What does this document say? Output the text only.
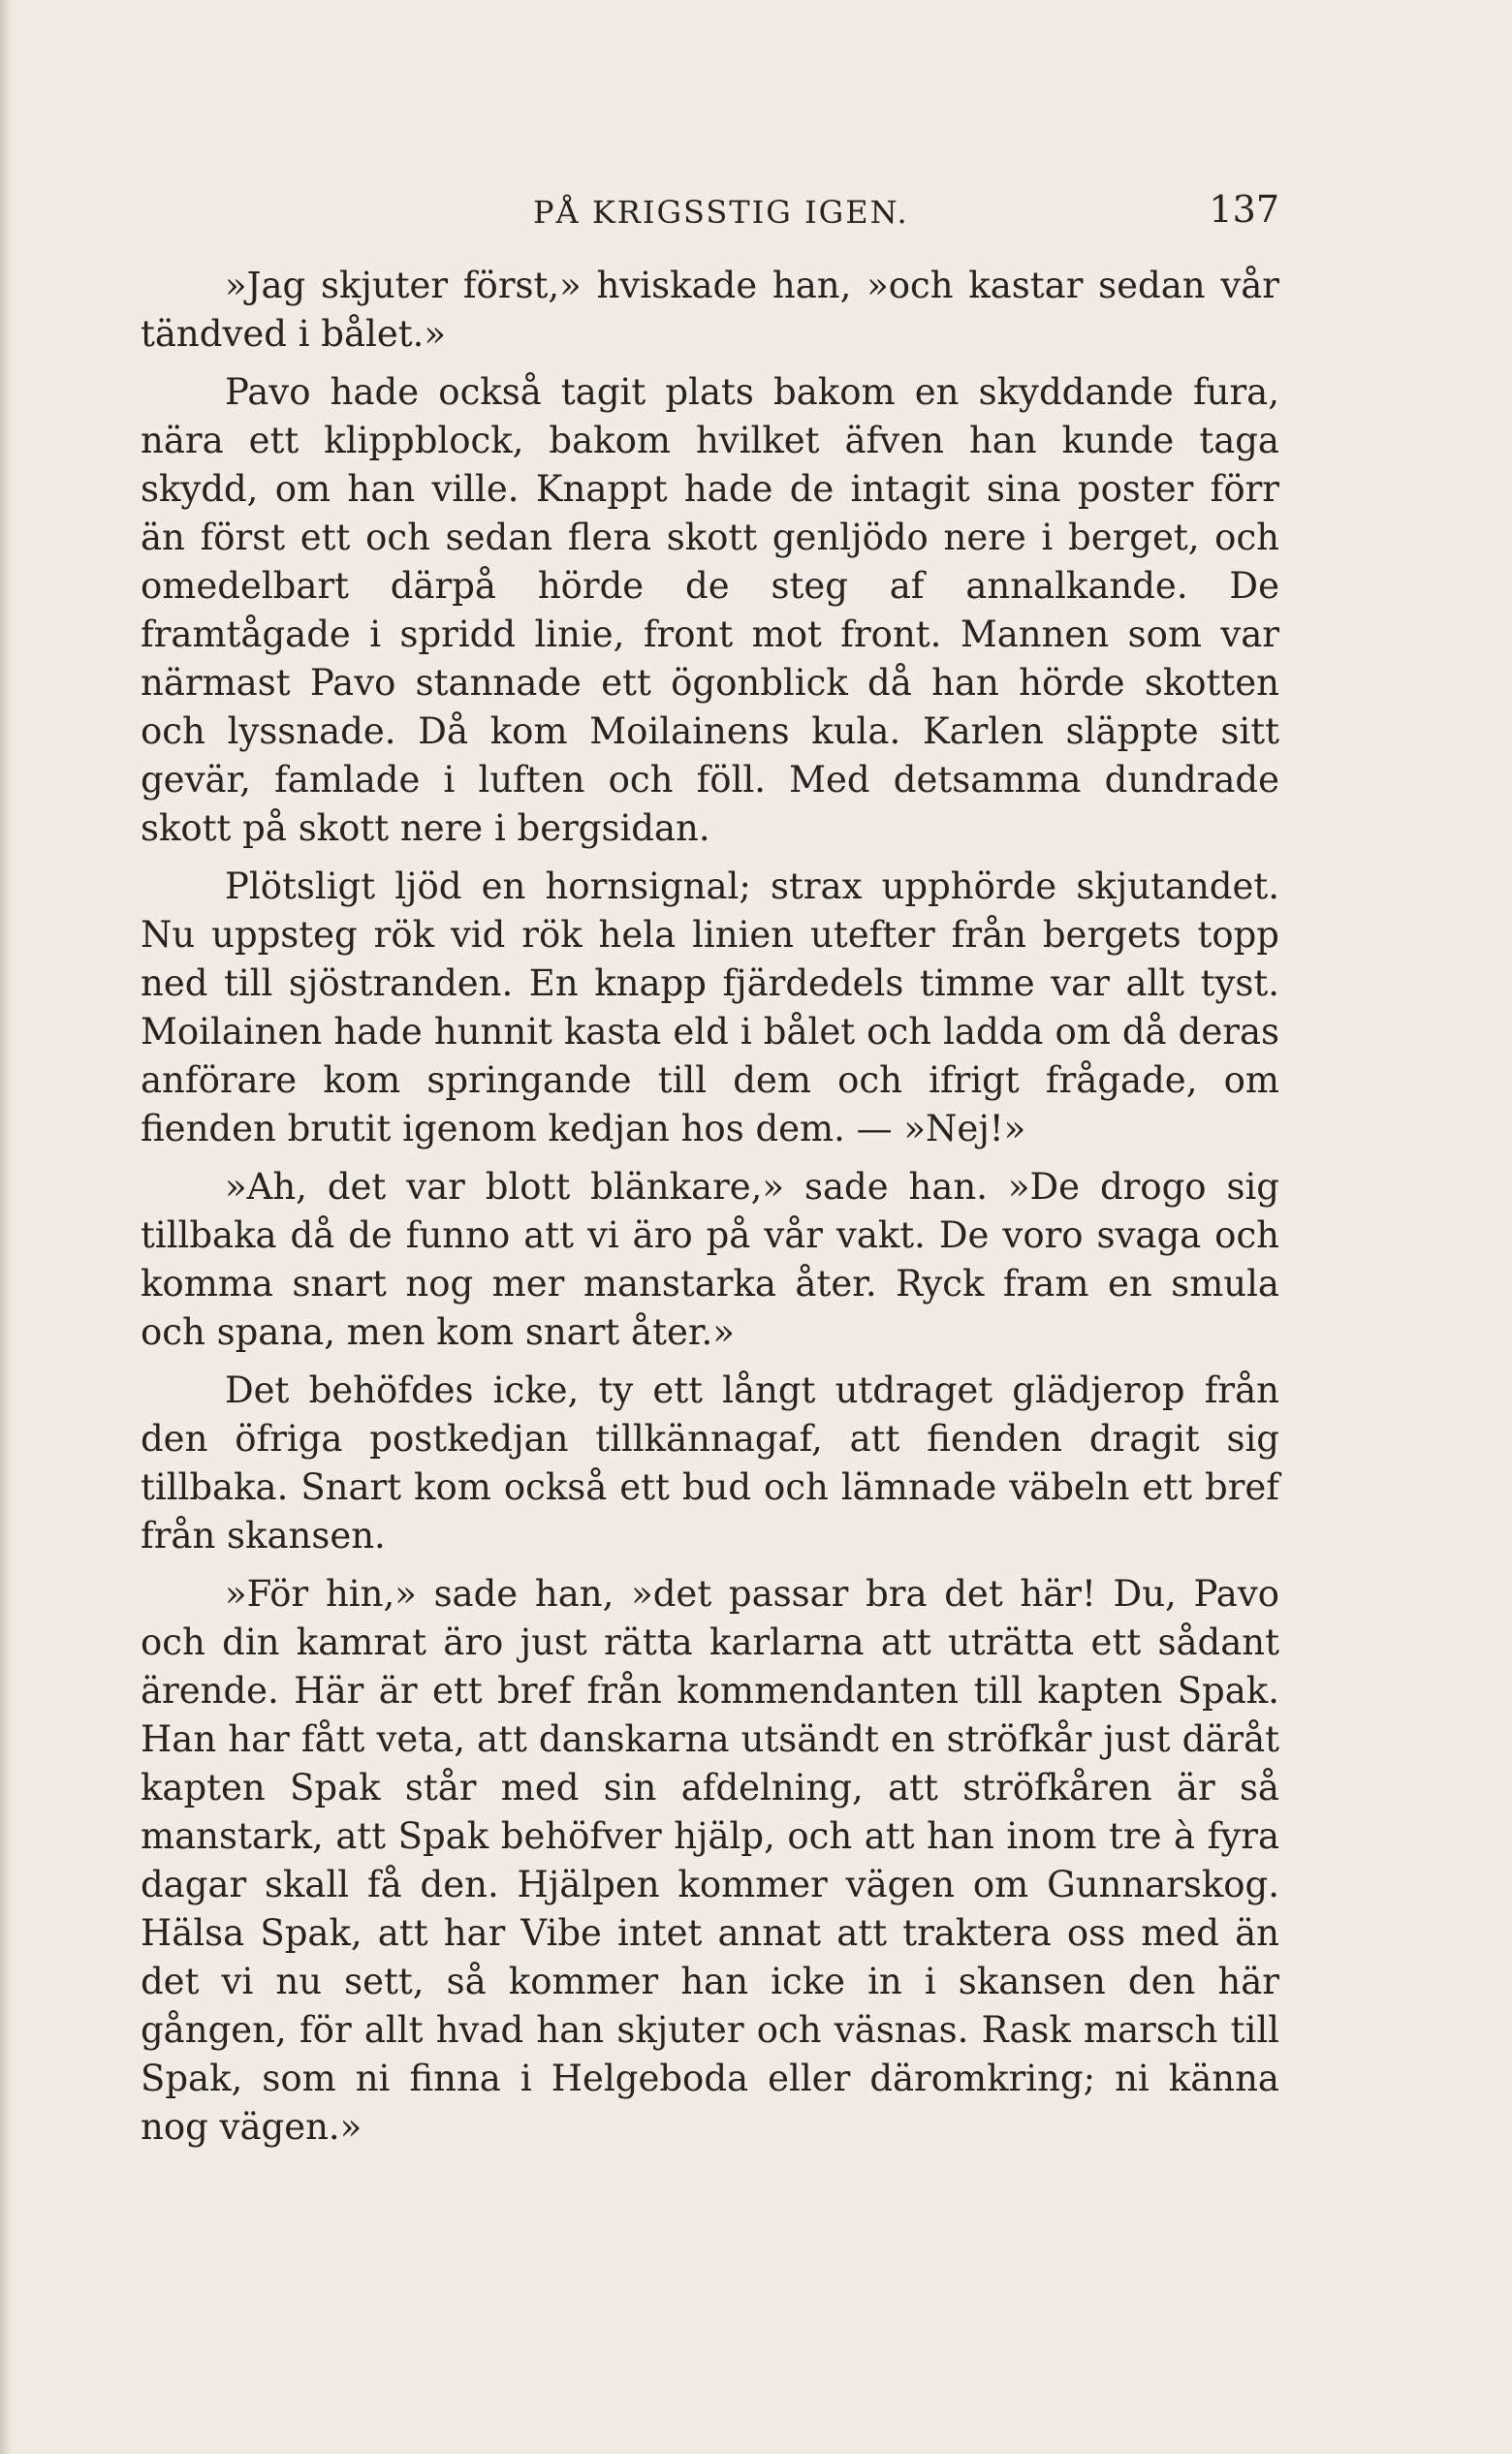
PÅ KRIGSSTIG IGEN.	137

»Jag skjuter först,» hviskade han, »och kastar sedan vår tändved i bålet.»

Pavo hade också tagit plats bakom en skyddande fura, nära ett klippblock, bakom hvilket äfven han kunde taga skydd, om han ville. Knappt hade de intagit sina poster förr än först ett och sedan flera skott genljödo nere i berget, och omedelbart därpå hörde de steg af annalkande. De framtågade i spridd linie, front mot front. Mannen som var närmast Pavo stannade ett ögonblick då han hörde skotten och lyssnade. Då kom Moilainens kula. Karlen släppte sitt gevär, famlade i luften och föll. Med detsamma dundrade skott på skott nere i bergsidan.

Plötsligt ljöd en hornsignal; strax upphörde skjutandet. Nu uppsteg rök vid rök hela linien utefter från bergets topp ned till sjöstranden. En knapp fjärdedels timme var allt tyst. Moilainen hade hunnit kasta eld i bålet och ladda om då deras anförare kom springande till dem och ifrigt frågade, om fienden brutit igenom kedjan hos dem. — »Nej!»

»Ah, det var blott blänkare,» sade han. »De drogo sig tillbaka då de funno att vi äro på vår vakt. De voro svaga och komma snart nog mer manstarka åter. Ryck fram en smula och spana, men kom snart åter.»

Det behöfdes icke, ty ett långt utdraget glädjerop från den öfriga postkedjan tillkännagaf, att fienden dragit sig tillbaka. Snart kom också ett bud och lämnade väbeln ett bref från skansen.

»För hin,» sade han, »det passar bra det här! Du, Pavo och din kamrat äro just rätta karlarna att uträtta ett sådant ärende. Här är ett bref från kommendanten till kapten Spak. Han har fått veta, att danskarna utsändt en ströfkår just däråt kapten Spak står med sin afdelning, att ströfkåren är så manstark, att Spak behöfver hjälp, och att han inom tre à fyra dagar skall få den. Hjälpen kommer vägen om Gunnarskog. Hälsa Spak, att har Vibe intet annat att traktera oss med än det vi nu sett, så kommer han icke in i skansen den här gången, för allt hvad han skjuter och väsnas. Rask marsch till Spak, som ni finna i Helgeboda eller däromkring; ni känna nog vägen.»
